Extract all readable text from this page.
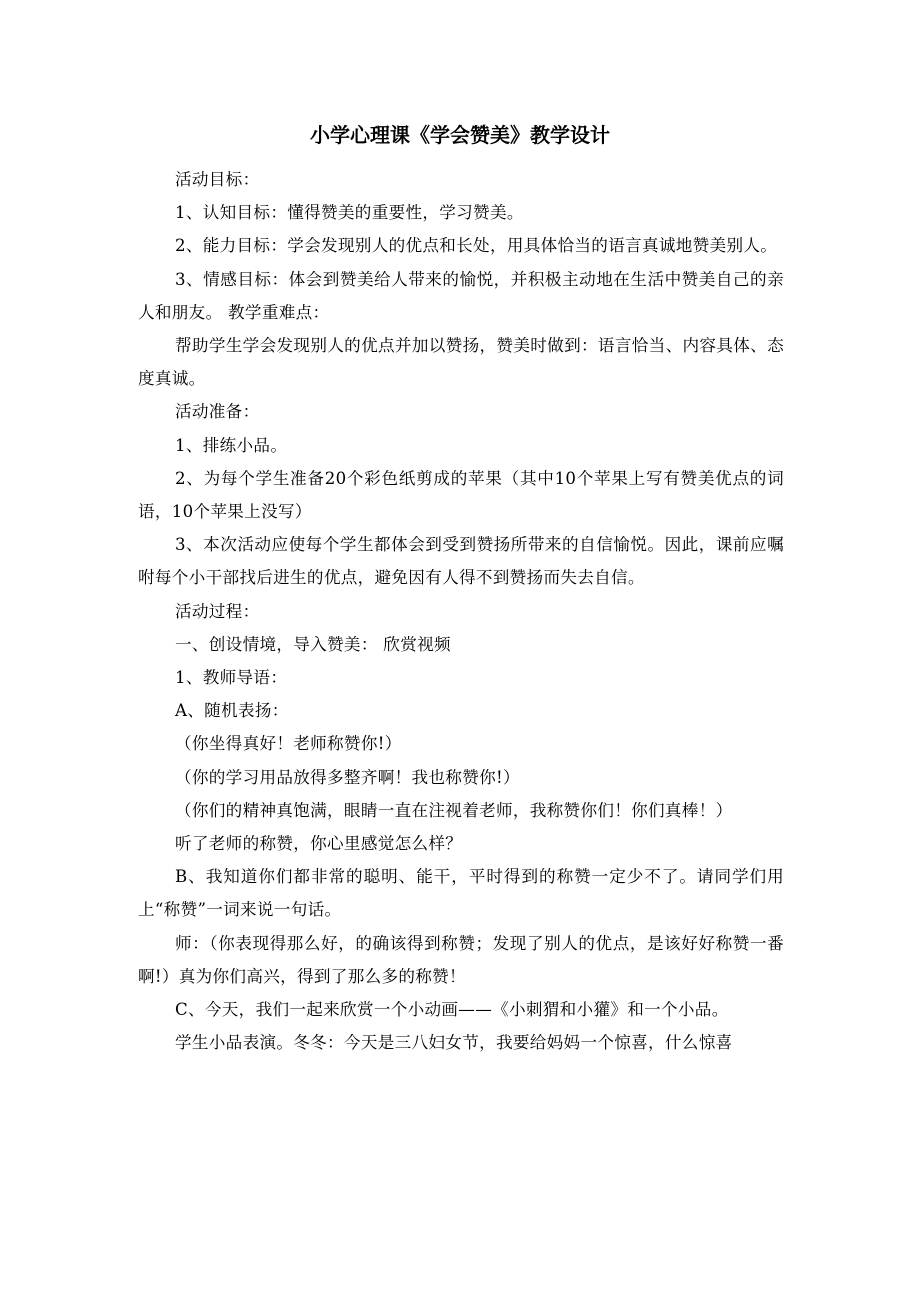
小学心理课《学会赞美》教学设计

活动目标：

1、认知目标：懂得赞美的重要性，学习赞美。

2、能力目标：学会发现别人的优点和长处，用具体恰当的语言真诚地赞美别人。

3、情感目标：体会到赞美给人带来的愉悦，并积极主动地在生活中赞美自己的亲人和朋友。 教学重难点：

帮助学生学会发现别人的优点并加以赞扬，赞美时做到：语言恰当、内容具体、态度真诚。

活动准备：

1、排练小品。

2、为每个学生准备20个彩色纸剪成的苹果（其中10个苹果上写有赞美优点的词语，10个苹果上没写）

3、本次活动应使每个学生都体会到受到赞扬所带来的自信愉悦。因此，课前应嘱咐每个小干部找后进生的优点，避免因有人得不到赞扬而失去自信。

活动过程：

一、创设情境，导入赞美： 欣赏视频

1、教师导语：

A、随机表扬：

（你坐得真好！老师称赞你!）

（你的学习用品放得多整齐啊！我也称赞你!）

（你们的精神真饱满，眼睛一直在注视着老师，我称赞你们！你们真棒！）

听了老师的称赞，你心里感觉怎么样？

B、我知道你们都非常的聪明、能干，平时得到的称赞一定少不了。请同学们用上“称赞”一词来说一句话。

师：（你表现得那么好，的确该得到称赞；发现了别人的优点，是该好好称赞一番啊!）真为你们高兴，得到了那么多的称赞！

C、今天，我们一起来欣赏一个小动画——《小刺猬和小獾》和一个小品。

学生小品表演。冬冬：今天是三八妇女节，我要给妈妈一个惊喜，什么惊喜
